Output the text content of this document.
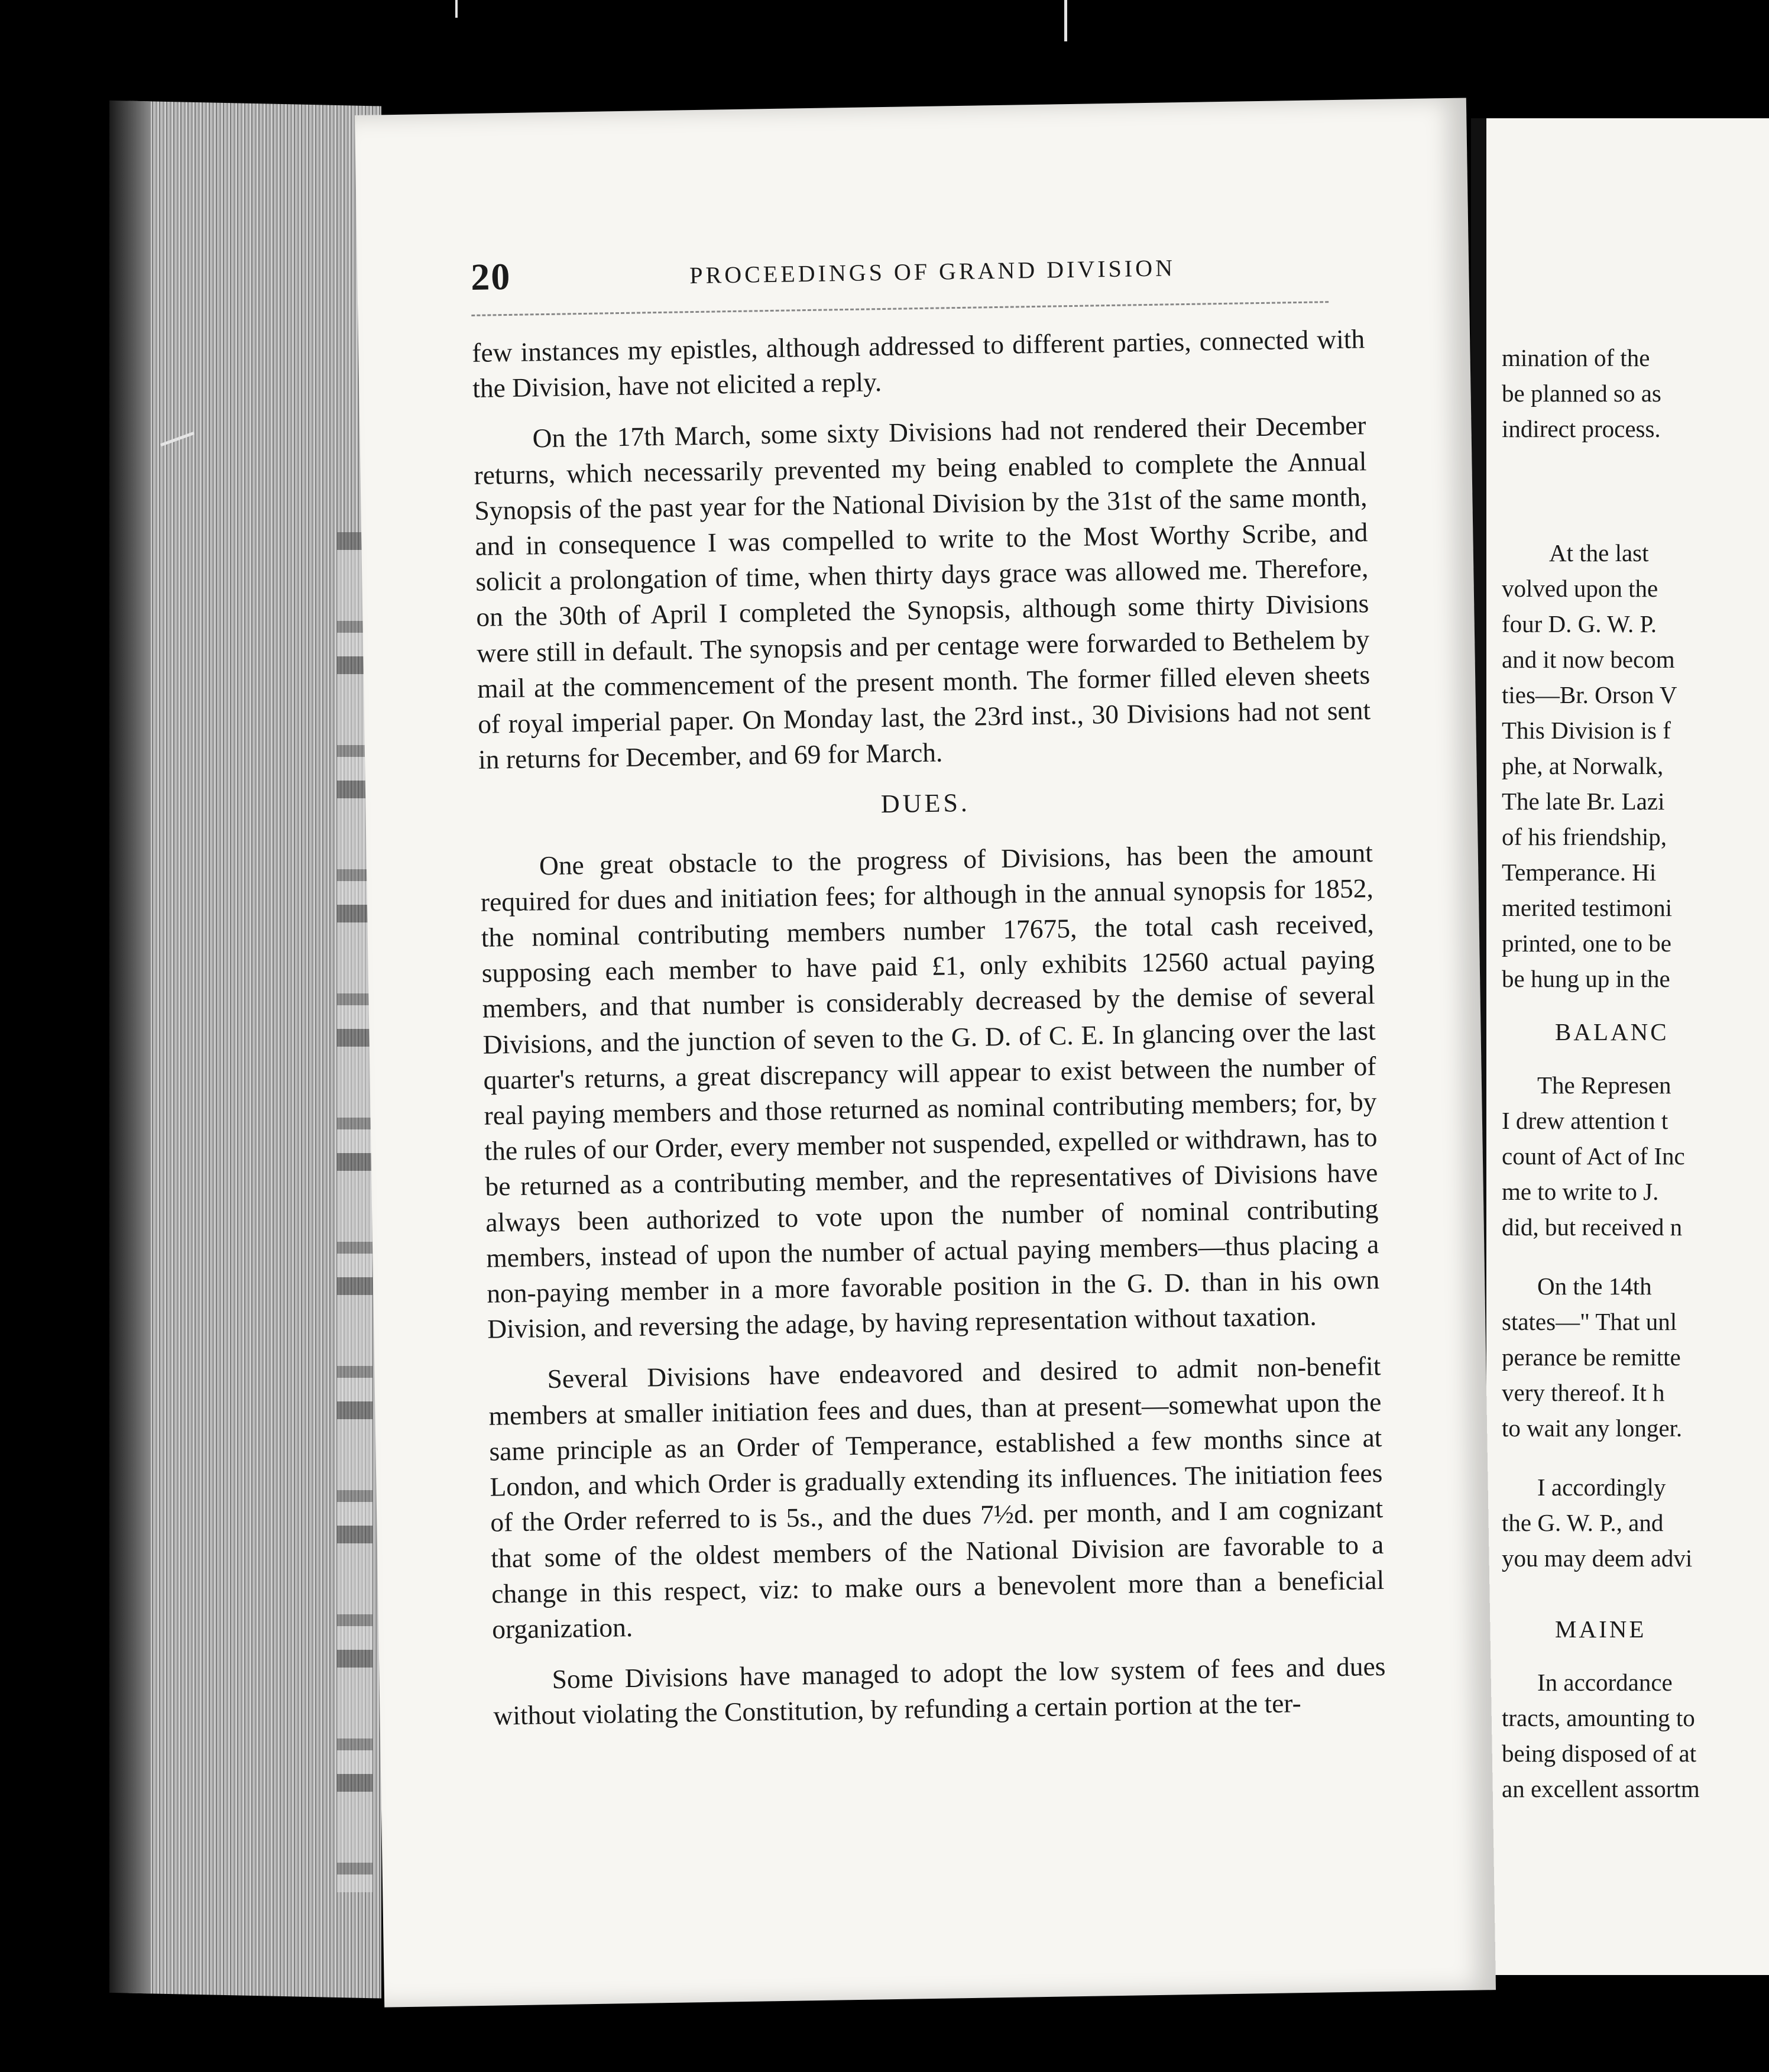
20	PROCEEDINGS OF GRAND DIVISION

few instances my epistles, although addressed to different parties, connected with the Division, have not elicited a reply.

On the 17th March, some sixty Divisions had not rendered their December returns, which necessarily prevented my being enabled to complete the Annual Synopsis of the past year for the National Division by the 31st of the same month, and in consequence I was compelled to write to the Most Worthy Scribe, and solicit a prolongation of time, when thirty days grace was allowed me. Therefore, on the 30th of April I completed the Synopsis, although some thirty Divisions were still in default. The synopsis and per centage were forwarded to Bethelem by mail at the commencement of the present month. The former filled eleven sheets of royal imperial paper. On Monday last, the 23rd inst., 30 Divisions had not sent in returns for December, and 69 for March.

DUES.

One great obstacle to the progress of Divisions, has been the amount required for dues and initiation fees; for although in the annual synopsis for 1852, the nominal contributing members number 17675, the total cash received, supposing each member to have paid £1, only exhibits 12560 actual paying members, and that number is considerably decreased by the demise of several Divisions, and the junction of seven to the G. D. of C. E. In glancing over the last quarter's returns, a great discrepancy will appear to exist between the number of real paying members and those returned as nominal contributing members; for, by the rules of our Order, every member not suspended, expelled or withdrawn, has to be returned as a contributing member, and the representatives of Divisions have always been authorized to vote upon the number of nominal contributing members, instead of upon the number of actual paying members—thus placing a non-paying member in a more favorable position in the G. D. than in his own Division, and reversing the adage, by having representation without taxation.

Several Divisions have endeavored and desired to admit non-benefit members at smaller initiation fees and dues, than at present—somewhat upon the same principle as an Order of Temperance, established a few months since at London, and which Order is gradually extending its influences. The initiation fees of the Order referred to is 5s., and the dues 7½d. per month, and I am cognizant that some of the oldest members of the National Division are favorable to a change in this respect, viz: to make ours a benevolent more than a beneficial organization.

Some Divisions have managed to adopt the low system of fees and dues without violating the Constitution, by refunding a certain portion at the ter-

mination of the
be planned so as
indirect process.
At the last
volved upon the
four D. G. W. P.
and it now becom
ties—Br. Orson V
This Division is f
phe, at Norwalk,
The late Br. Lazi
of his friendship,
Temperance. Hi
merited testimoni
printed, one to be
be hung up in the
BALANC
The Represen
I drew attention t
count of Act of Inc
me to write to J.
did, but received n
On the 14th
states—" That unl
perance be remitte
very thereof. It h
to wait any longer.
I accordingly
the G. W. P., and
you may deem advi
MAINE
In accordance
tracts, amounting to
being disposed of at
an excellent assortm
